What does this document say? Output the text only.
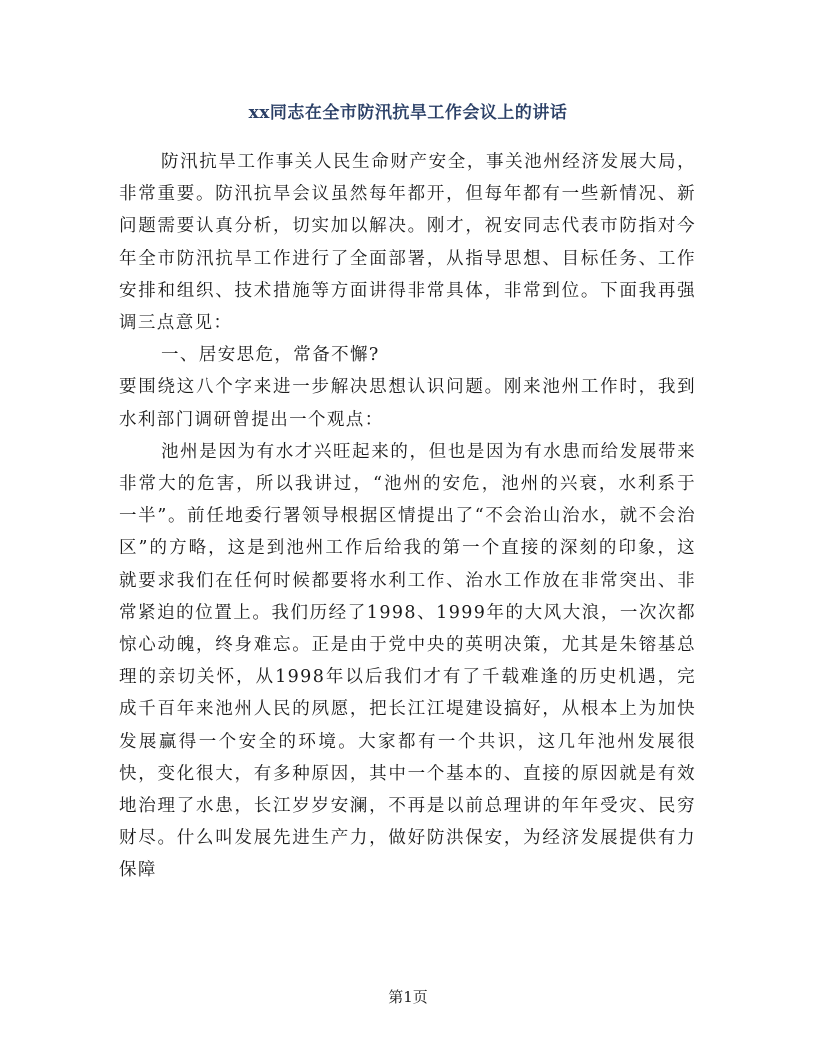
xx同志在全市防汛抗旱工作会议上的讲话

防汛抗旱工作事关人民生命财产安全，事关池州经济发展大局，非常重要。防汛抗旱会议虽然每年都开，但每年都有一些新情况、新问题需要认真分析，切实加以解决。刚才，祝安同志代表市防指对今年全市防汛抗旱工作进行了全面部署，从指导思想、目标任务、工作安排和组织、技术措施等方面讲得非常具体，非常到位。下面我再强调三点意见：

一、居安思危，常备不懈?

要围绕这八个字来进一步解决思想认识问题。刚来池州工作时，我到水利部门调研曾提出一个观点：

池州是因为有水才兴旺起来的，但也是因为有水患而给发展带来非常大的危害，所以我讲过，“池州的安危，池州的兴衰，水利系于一半”。前任地委行署领导根据区情提出了“不会治山治水，就不会治区”的方略，这是到池州工作后给我的第一个直接的深刻的印象，这就要求我们在任何时候都要将水利工作、治水工作放在非常突出、非常紧迫的位置上。我们历经了1998、1999年的大风大浪，一次次都惊心动魄，终身难忘。正是由于党中央的英明决策，尤其是朱镕基总理的亲切关怀，从1998年以后我们才有了千载难逢的历史机遇，完成千百年来池州人民的夙愿，把长江江堤建设搞好，从根本上为加快发展赢得一个安全的环境。大家都有一个共识，这几年池州发展很快，变化很大，有多种原因，其中一个基本的、直接的原因就是有效地治理了水患，长江岁岁安澜，不再是以前总理讲的年年受灾、民穷财尽。什么叫发展先进生产力，做好防洪保安，为经济发展提供有力保障

第1页
